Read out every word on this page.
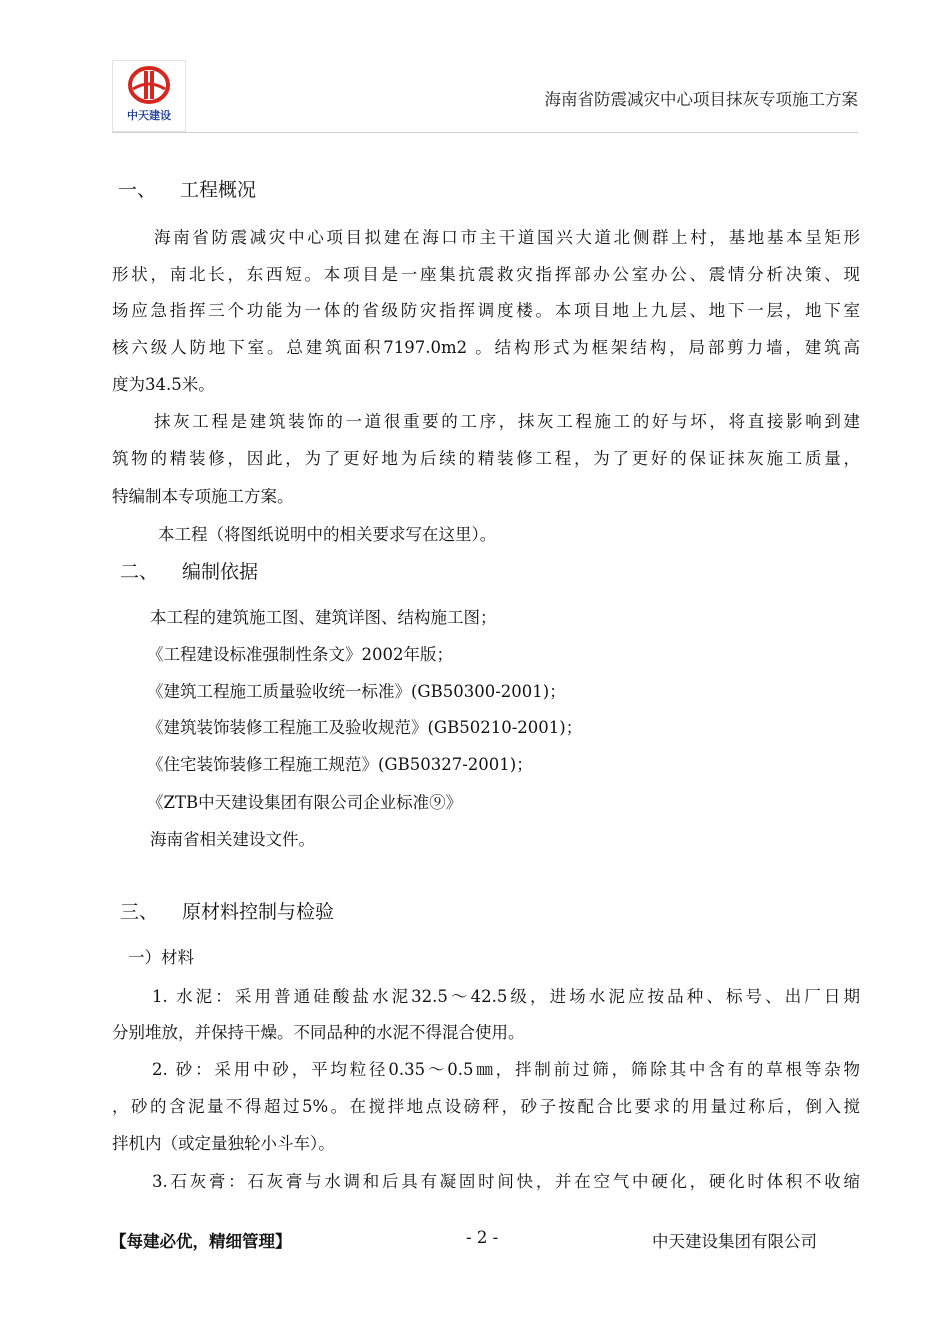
中天建设
海南省防震减灾中心项目抹灰专项施工方案
一、 工程概况
海南省防震减灾中心项目拟建在海口市主干道国兴大道北侧群上村，基地基本呈矩形
形状，南北长，东西短。本项目是一座集抗震救灾指挥部办公室办公、震情分析决策、现
场应急指挥三个功能为一体的省级防灾指挥调度楼。本项目地上九层、地下一层，地下室
核六级人防地下室。总建筑面积7197.0m2 。结构形式为框架结构，局部剪力墙，建筑高
度为34.5米。
抹灰工程是建筑装饰的一道很重要的工序，抹灰工程施工的好与坏，将直接影响到建
筑物的精装修，因此，为了更好地为后续的精装修工程，为了更好的保证抹灰施工质量，
特编制本专项施工方案。
本工程（将图纸说明中的相关要求写在这里）。
二、 编制依据
本工程的建筑施工图、建筑详图、结构施工图；
《工程建设标准强制性条文》2002年版；
《建筑工程施工质量验收统一标准》(GB50300-2001)；
《建筑装饰装修工程施工及验收规范》(GB50210-2001)；
《住宅装饰装修工程施工规范》(GB50327-2001)；
《ZTB中天建设集团有限公司企业标准⑨》
海南省相关建设文件。
三、 原材料控制与检验
一）材料
1. 水泥：采用普通硅酸盐水泥32.5～42.5级，进场水泥应按品种、标号、出厂日期
分别堆放，并保持干燥。不同品种的水泥不得混合使用。
2. 砂：采用中砂，平均粒径0.35～0.5㎜，拌制前过筛，筛除其中含有的草根等杂物
，砂的含泥量不得超过5%。在搅拌地点设磅秤，砂子按配合比要求的用量过称后，倒入搅
拌机内（或定量独轮小斗车）。
3.石灰膏：石灰膏与水调和后具有凝固时间快，并在空气中硬化，硬化时体积不收缩
【每建必优，精细管理】	- 2 -	中天建设集团有限公司
